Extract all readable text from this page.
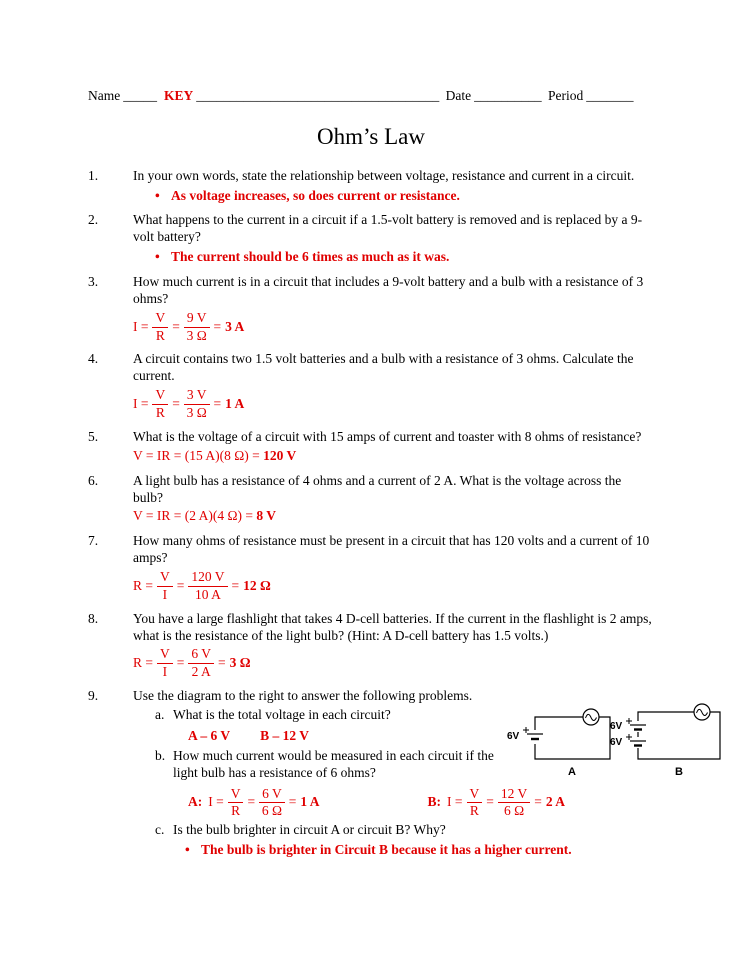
Name _____ KEY ____________________________________ Date __________ Period _______
Ohm’s Law
1.	In your own words, state the relationship between voltage, resistance and current in a circuit.
• As voltage increases, so does current or resistance.
2.	What happens to the current in a circuit if a 1.5-volt battery is removed and is replaced by a 9-volt battery?
• The current should be 6 times as much as it was.
3.	How much current is in a circuit that includes a 9-volt battery and a bulb with a resistance of 3 ohms?
$I = \frac{V}{R} = \frac{9 V}{3 \Omega} = 3$ A
4.	A circuit contains two 1.5 volt batteries and a bulb with a resistance of 3 ohms. Calculate the current.
$I = \frac{V}{R} = \frac{3 V}{3 \Omega} = 1$ A
5.	What is the voltage of a circuit with 15 amps of current and toaster with 8 ohms of resistance?
V = IR = (15 A)(8 Ω) = 120 V
6.	A light bulb has a resistance of 4 ohms and a current of 2 A. What is the voltage across the bulb?
V = IR = (2 A)(4 Ω) = 8 V
7.	How many ohms of resistance must be present in a circuit that has 120 volts and a current of 10 amps?
$R = \frac{V}{I} = \frac{120 V}{10 A} = 12$ Ω
8.	You have a large flashlight that takes 4 D-cell batteries. If the current in the flashlight is 2 amps, what is the resistance of the light bulb? (Hint: A D-cell battery has 1.5 volts.)
$R = \frac{V}{I} = \frac{6 V}{2 A} = 3$ Ω
9.	Use the diagram to the right to answer the following problems.
a. What is the total voltage in each circuit?
A – 6 V B – 12 V
b. How much current would be measured in each circuit if the light bulb has a resistance of 6 ohms?
A: $I = \frac{V}{R} = \frac{6 V}{6 \Omega} = 1$ A	B: $I = \frac{V}{R} = \frac{12 V}{6 \Omega} = 2$ A
c. Is the bulb brighter in circuit A or circuit B? Why?
• The bulb is brighter in Circuit B because it has a higher current.
6V
A
6V
6V
B
